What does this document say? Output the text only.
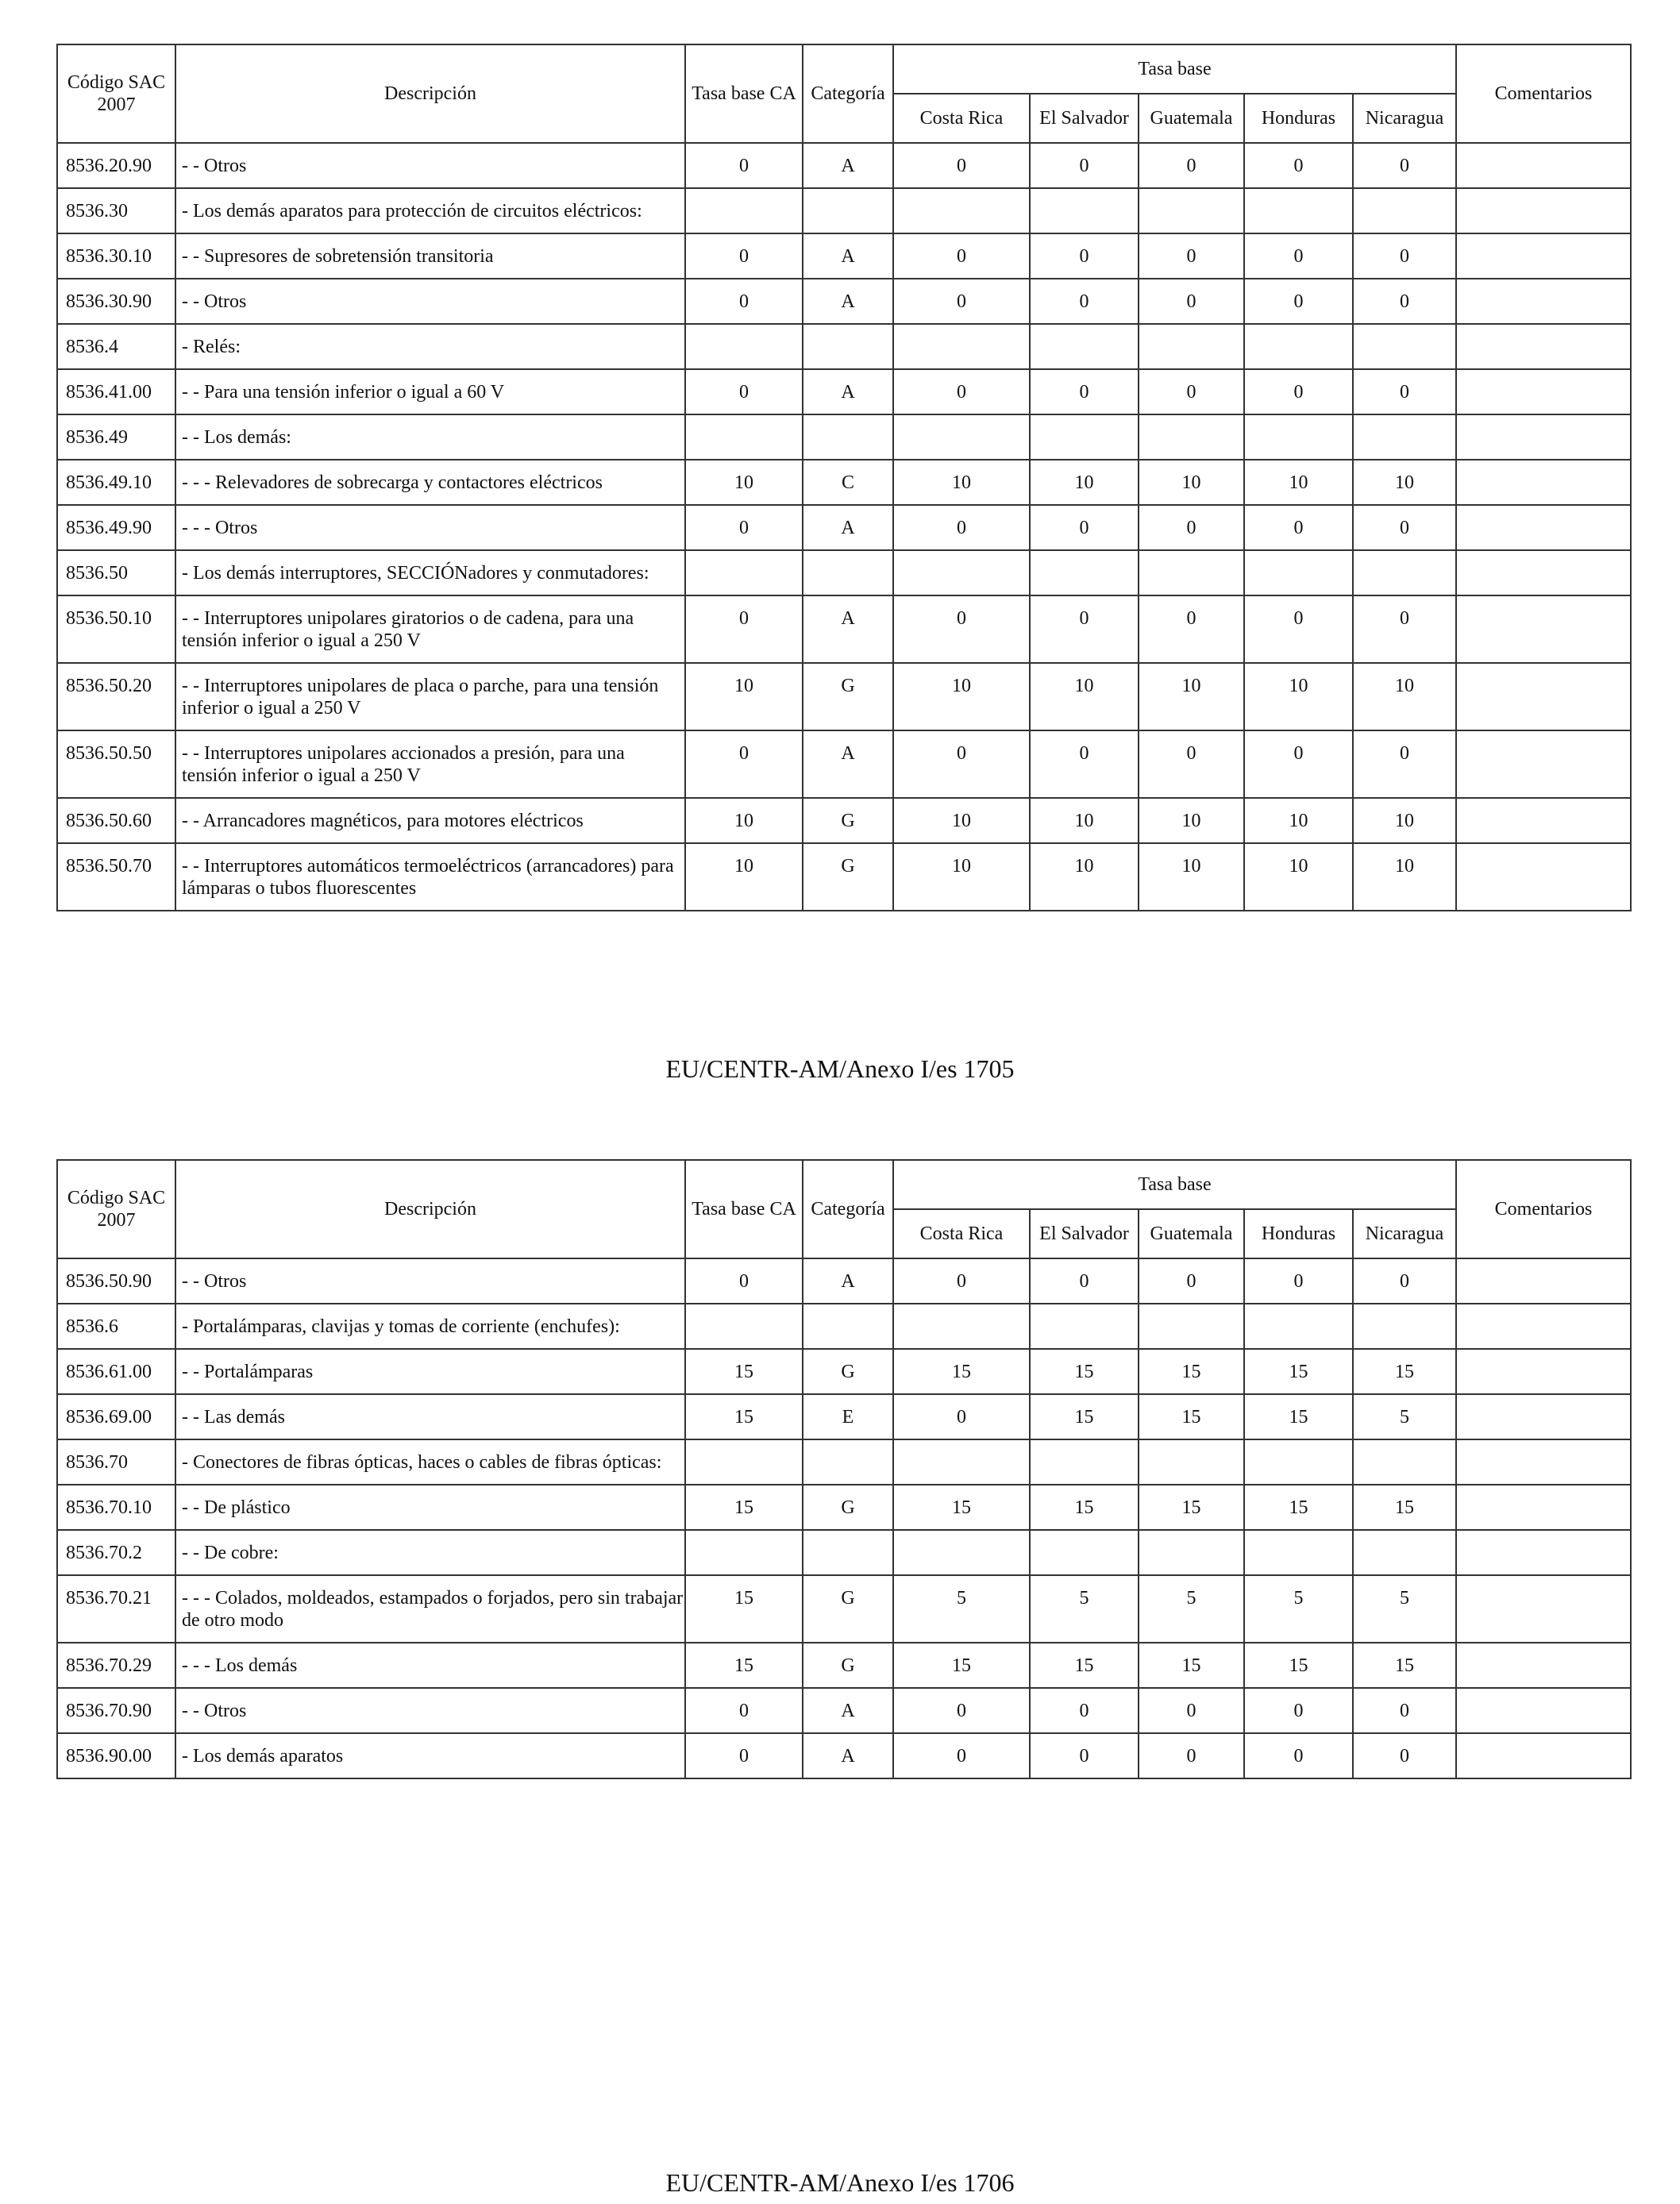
Código SAC 2007	Descripción	Tasa base CA	Categoría	Tasa base					Comentarios
				Costa Rica	El Salvador	Guatemala	Honduras	Nicaragua	
8536.20.90	- - Otros	0	A	0	0	0	0	0	
8536.30	- Los demás aparatos para protección de circuitos eléctricos:								
8536.30.10	- - Supresores de sobretensión transitoria	0	A	0	0	0	0	0	
8536.30.90	- - Otros	0	A	0	0	0	0	0	
8536.4	- Relés:								
8536.41.00	- - Para una tensión inferior o igual a 60 V	0	A	0	0	0	0	0	
8536.49	- - Los demás:								
8536.49.10	- - - Relevadores de sobrecarga y contactores eléctricos	10	C	10	10	10	10	10	
8536.49.90	- - - Otros	0	A	0	0	0	0	0	
8536.50	- Los demás interruptores, SECCIÓNadores y conmutadores:								
8536.50.10	- - Interruptores unipolares giratorios o de cadena, para una tensión inferior o igual a 250 V	0	A	0	0	0	0	0	
8536.50.20	- - Interruptores unipolares de placa o parche, para una tensión inferior o igual a 250 V	10	G	10	10	10	10	10	
8536.50.50	- - Interruptores unipolares accionados a presión, para una tensión inferior o igual a 250 V	0	A	0	0	0	0	0	
8536.50.60	- - Arrancadores magnéticos, para motores eléctricos	10	G	10	10	10	10	10	
8536.50.70	- - Interruptores automáticos termoeléctricos (arrancadores) para lámparas o tubos fluorescentes	10	G	10	10	10	10	10	
EU/CENTR-AM/Anexo I/es 1705
Código SAC 2007	Descripción	Tasa base CA	Categoría	Tasa base					Comentarios
				Costa Rica	El Salvador	Guatemala	Honduras	Nicaragua	
8536.50.90	- - Otros	0	A	0	0	0	0	0	
8536.6	- Portalámparas, clavijas y tomas de corriente (enchufes):								
8536.61.00	- - Portalámparas	15	G	15	15	15	15	15	
8536.69.00	- - Las demás	15	E	0	15	15	15	5	
8536.70	- Conectores de fibras ópticas, haces o cables de fibras ópticas:								
8536.70.10	- - De plástico	15	G	15	15	15	15	15	
8536.70.2	- - De cobre:								
8536.70.21	- - - Colados, moldeados, estampados o forjados, pero sin trabajar de otro modo	15	G	5	5	5	5	5	
8536.70.29	- - - Los demás	15	G	15	15	15	15	15	
8536.70.90	- - Otros	0	A	0	0	0	0	0	
8536.90.00	- Los demás aparatos	0	A	0	0	0	0	0	
EU/CENTR-AM/Anexo I/es 1706
